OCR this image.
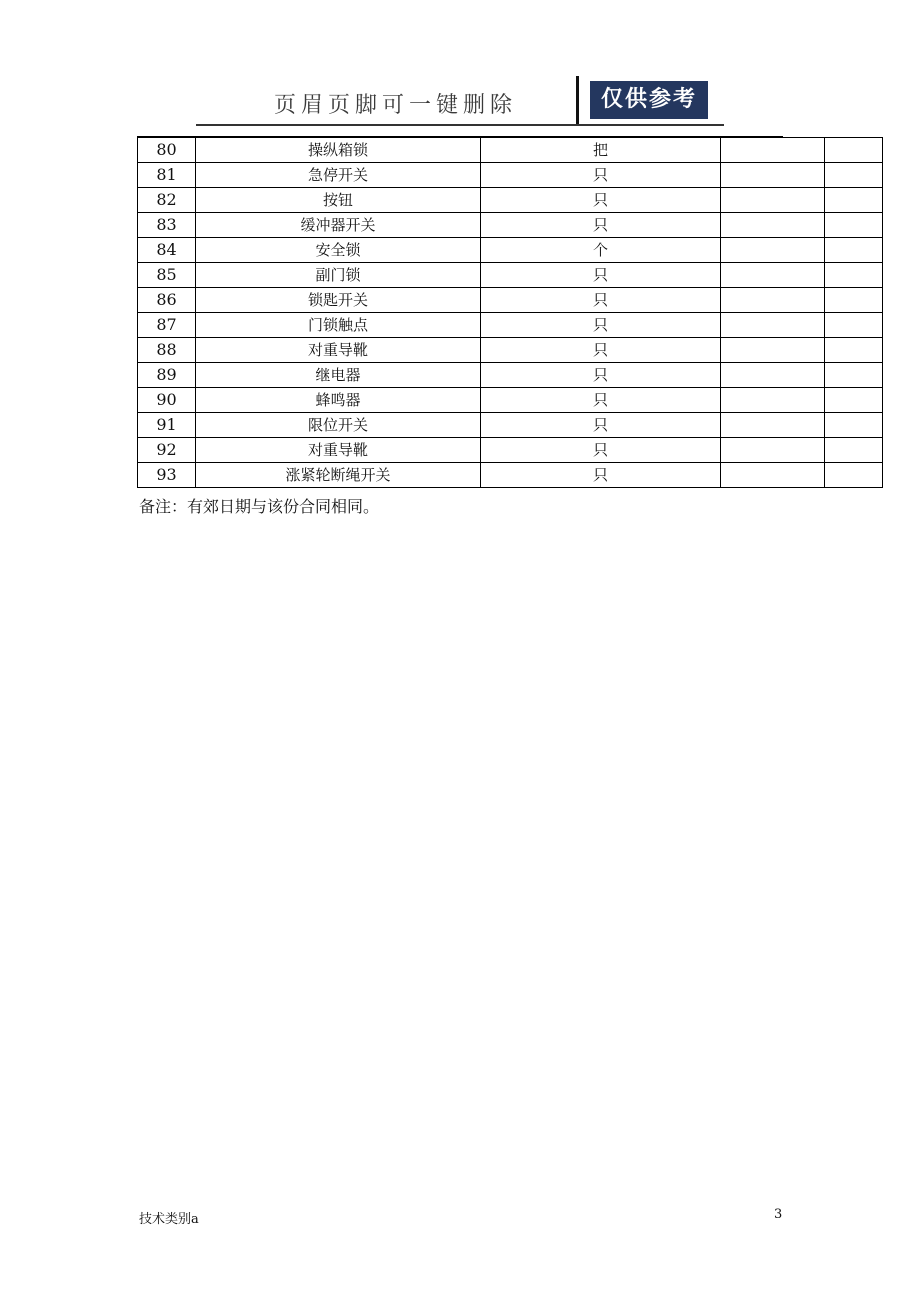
页眉页脚可一键删除	仅供参考
80	操纵箱锁	把		
81	急停开关	只		
82	按钮	只		
83	缓冲器开关	只		
84	安全锁	个		
85	副门锁	只		
86	锁匙开关	只		
87	门锁触点	只		
88	对重导靴	只		
89	继电器	只		
90	蜂鸣器	只		
91	限位开关	只		
92	对重导靴	只		
93	涨紧轮断绳开关	只		
备注：有郊日期与该份合同相同。
技术类别a	3
